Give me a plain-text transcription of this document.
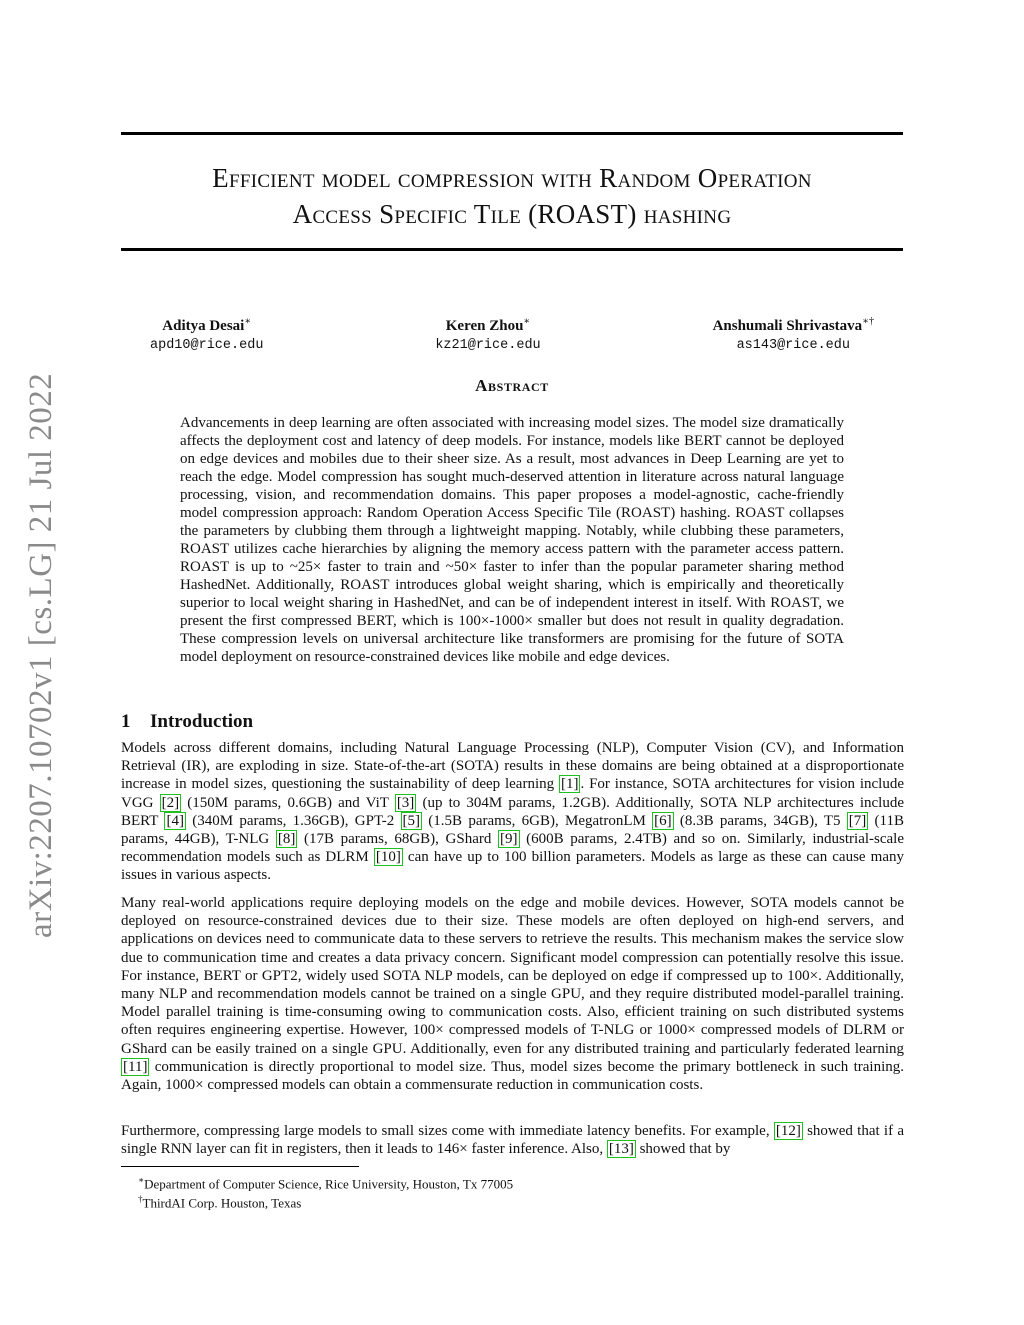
arXiv:2207.10702v1 [cs.LG] 21 Jul 2022
Efficient model compression with Random Operation
Access Specific Tile (ROAST) hashing
Aditya Desai∗
apd10@rice.edu
Keren Zhou∗
kz21@rice.edu
Anshumali Shrivastava∗†
as143@rice.edu
Abstract
Advancements in deep learning are often associated with increasing model sizes. The model size dramatically affects the deployment cost and latency of deep models. For instance, models like BERT cannot be deployed on edge devices and mobiles due to their sheer size. As a result, most advances in Deep Learning are yet to reach the edge. Model compression has sought much-deserved attention in literature across natural language processing, vision, and recommendation domains. This paper proposes a model-agnostic, cache-friendly model compression approach: Random Operation Access Specific Tile (ROAST) hashing. ROAST collapses the parameters by clubbing them through a lightweight mapping. Notably, while clubbing these parameters, ROAST utilizes cache hierarchies by aligning the memory access pattern with the parameter access pattern. ROAST is up to ~25× faster to train and ~50× faster to infer than the popular parameter sharing method HashedNet. Additionally, ROAST introduces global weight sharing, which is empirically and theoretically superior to local weight sharing in HashedNet, and can be of independent interest in itself. With ROAST, we present the first compressed BERT, which is 100×-1000× smaller but does not result in quality degradation. These compression levels on universal architecture like transformers are promising for the future of SOTA model deployment on resource-constrained devices like mobile and edge devices.
1 Introduction
Models across different domains, including Natural Language Processing (NLP), Computer Vision (CV), and Information Retrieval (IR), are exploding in size. State-of-the-art (SOTA) results in these domains are being obtained at a disproportionate increase in model sizes, questioning the sustainability of deep learning [1] . For instance, SOTA architectures for vision include VGG [2] (150M params, 0.6GB) and ViT [3] (up to 304M params, 1.2GB). Additionally, SOTA NLP architectures include BERT [4] (340M params, 1.36GB), GPT-2 [5] (1.5B params, 6GB), MegatronLM [6] (8.3B params, 34GB), T5 [7] (11B params, 44GB), T-NLG [8] (17B params, 68GB), GShard [9] (600B params, 2.4TB) and so on. Similarly, industrial-scale recommendation models such as DLRM [10] can have up to 100 billion parameters. Models as large as these can cause many issues in various aspects.
Many real-world applications require deploying models on the edge and mobile devices. However, SOTA models cannot be deployed on resource-constrained devices due to their size. These models are often deployed on high-end servers, and applications on devices need to communicate data to these servers to retrieve the results. This mechanism makes the service slow due to communication time and creates a data privacy concern. Significant model compression can potentially resolve this issue. For instance, BERT or GPT2, widely used SOTA NLP models, can be deployed on edge if compressed up to 100×. Additionally, many NLP and recommendation models cannot be trained on a single GPU, and they require distributed model-parallel training. Model parallel training is time-consuming owing to communication costs. Also, efficient training on such distributed systems often requires engineering expertise. However, 100× compressed models of T-NLG or 1000× compressed models of DLRM or GShard can be easily trained on a single GPU. Additionally, even for any distributed training and particularly federated learning [11] communication is directly proportional to model size. Thus, model sizes become the primary bottleneck in such training. Again, 1000× compressed models can obtain a commensurate reduction in communication costs.
Furthermore, compressing large models to small sizes come with immediate latency benefits. For example, [12] showed that if a single RNN layer can fit in registers, then it leads to 146× faster inference. Also, [13] showed that by
∗Department of Computer Science, Rice University, Houston, Tx 77005
†ThirdAI Corp. Houston, Texas
